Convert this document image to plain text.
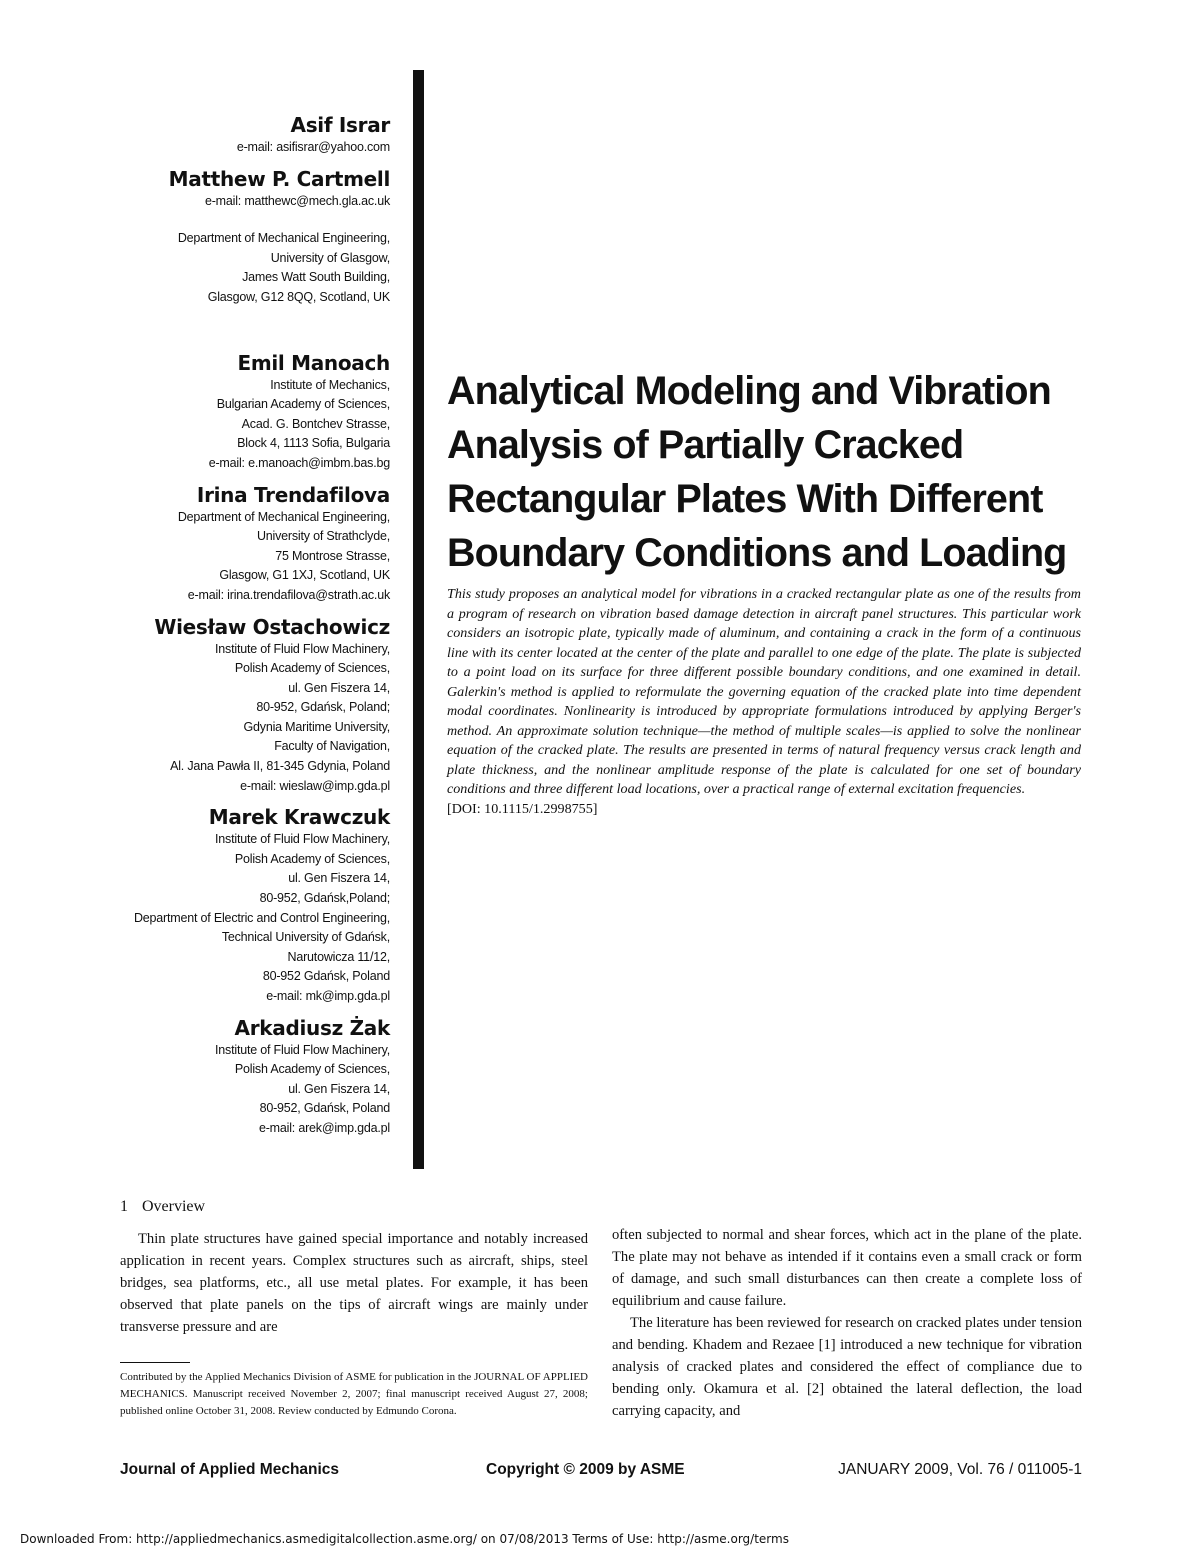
Asif Israr
e-mail: asifisrar@yahoo.com
Matthew P. Cartmell
e-mail: matthewc@mech.gla.ac.uk
Department of Mechanical Engineering,
University of Glasgow,
James Watt South Building,
Glasgow, G12 8QQ, Scotland, UK
Emil Manoach
Institute of Mechanics,
Bulgarian Academy of Sciences,
Acad. G. Bontchev Strasse,
Block 4, 1113 Sofia, Bulgaria
e-mail: e.manoach@imbm.bas.bg
Irina Trendafilova
Department of Mechanical Engineering,
University of Strathclyde,
75 Montrose Strasse,
Glasgow, G1 1XJ, Scotland, UK
e-mail: irina.trendafilova@strath.ac.uk
Wiesław Ostachowicz
Institute of Fluid Flow Machinery,
Polish Academy of Sciences,
ul. Gen Fiszera 14,
80-952, Gdańsk, Poland;
Gdynia Maritime University,
Faculty of Navigation,
Al. Jana Pawła II, 81-345 Gdynia, Poland
e-mail: wieslaw@imp.gda.pl
Marek Krawczuk
Institute of Fluid Flow Machinery,
Polish Academy of Sciences,
ul. Gen Fiszera 14,
80-952, Gdańsk,Poland;
Department of Electric and Control Engineering,
Technical University of Gdańsk,
Narutowicza 11/12,
80-952 Gdańsk, Poland
e-mail: mk@imp.gda.pl
Arkadiusz Żak
Institute of Fluid Flow Machinery,
Polish Academy of Sciences,
ul. Gen Fiszera 14,
80-952, Gdańsk, Poland
e-mail: arek@imp.gda.pl
Analytical Modeling and Vibration Analysis of Partially Cracked Rectangular Plates With Different Boundary Conditions and Loading
This study proposes an analytical model for vibrations in a cracked rectangular plate as one of the results from a program of research on vibration based damage detection in aircraft panel structures. This particular work considers an isotropic plate, typically made of aluminum, and containing a crack in the form of a continuous line with its center located at the center of the plate and parallel to one edge of the plate. The plate is subjected to a point load on its surface for three different possible boundary conditions, and one examined in detail. Galerkin's method is applied to reformulate the governing equation of the cracked plate into time dependent modal coordinates. Nonlinearity is introduced by appropriate formulations introduced by applying Berger's method. An approximate solution technique—the method of multiple scales—is applied to solve the nonlinear equation of the cracked plate. The results are presented in terms of natural frequency versus crack length and plate thickness, and the nonlinear amplitude response of the plate is calculated for one set of boundary conditions and three different load locations, over a practical range of external excitation frequencies.
[DOI: 10.1115/1.2998755]
1 Overview

Thin plate structures have gained special importance and notably increased application in recent years. Complex structures such as aircraft, ships, steel bridges, sea platforms, etc., all use metal plates. For example, it has been observed that plate panels on the tips of aircraft wings are mainly under transverse pressure and are

often subjected to normal and shear forces, which act in the plane of the plate. The plate may not behave as intended if it contains even a small crack or form of damage, and such small disturbances can then create a complete loss of equilibrium and cause failure.

The literature has been reviewed for research on cracked plates under tension and bending. Khadem and Rezaee [1] introduced a new technique for vibration analysis of cracked plates and considered the effect of compliance due to bending only. Okamura et al. [2] obtained the lateral deflection, the load carrying capacity, and

Contributed by the Applied Mechanics Division of ASME for publication in the JOURNAL OF APPLIED MECHANICS. Manuscript received November 2, 2007; final manuscript received August 27, 2008; published online October 31, 2008. Review conducted by Edmundo Corona.
Journal of Applied Mechanics	Copyright © 2009 by ASME	JANUARY 2009, Vol. 76 / 011005-1
Downloaded From: http://appliedmechanics.asmedigitalcollection.asme.org/ on 07/08/2013 Terms of Use: http://asme.org/terms
